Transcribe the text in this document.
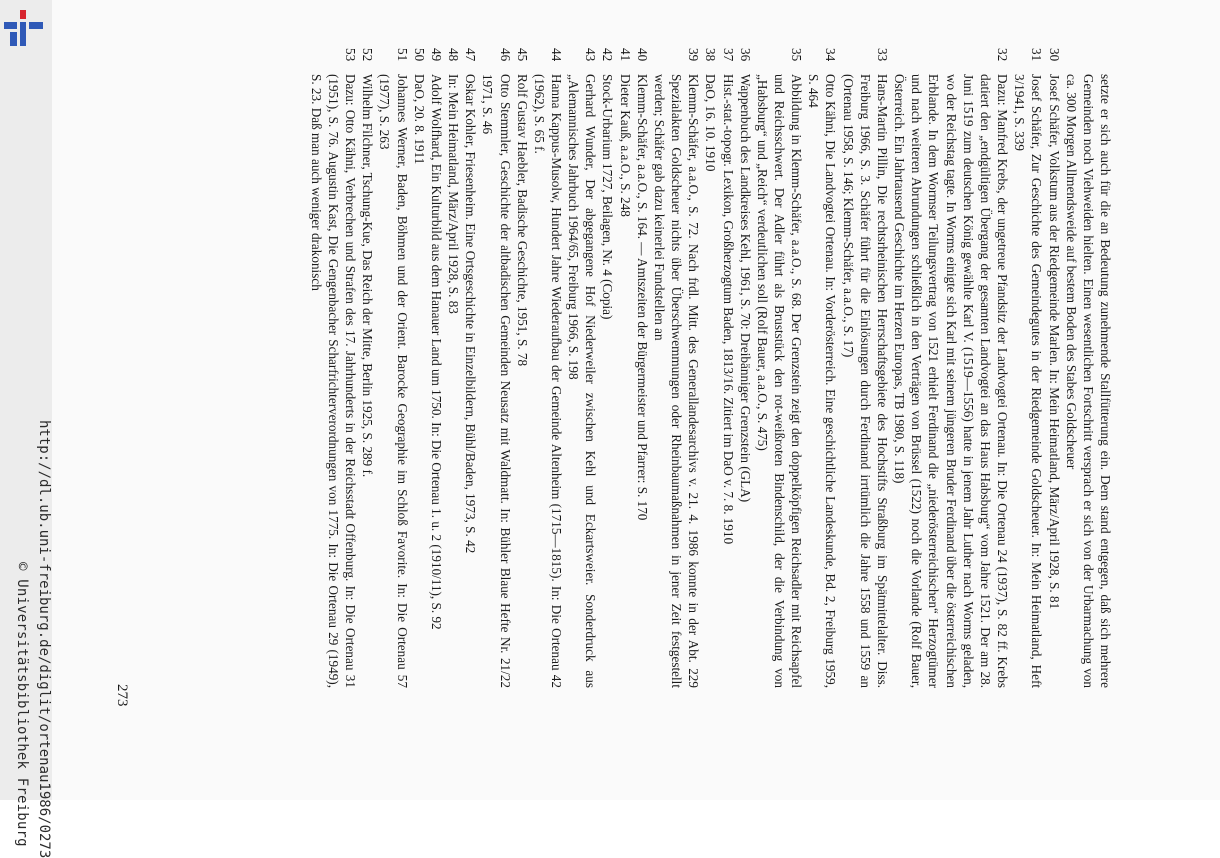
http://dl.ub.uni-freiburg.de/diglit/ortenau1986/0273
© Universitätsbibliothek Freiburg
setzte er sich auch für die an Bedeutung zunehmende Stallfütterung ein. Dem stand entgegen, daß sich mehrere Gemeinden noch Viehweiden hielten. Einen wesentlichen Fortschritt versprach er sich von der Urbarmachung von ca. 300 Morgen Allmendsweide auf bestem Boden des Stabes Goldscheuer
30
Josef Schäfer, Volkstum aus der Riedgemeinde Marlen. In: Mein Heimatland, März/April 1928, S. 81
31
Josef Schäfer, Zur Geschichte des Gemeindegutes in der Riedgemeinde Goldscheuer. In: Mein Heimatland, Heft 3/1941, S. 339
32
Dazu: Manfred Krebs, der ungetreue Pfandsitz der Landvogtei Ortenau. In: Die Ortenau 24 (1937), S. 82 ff. Krebs datiert den „endgültigen Übergang der gesamten Landvogtei an das Haus Habsburg“ vom Jahre 1521. Der am 28. Juni 1519 zum deutschen König gewählte Karl V. (1519—1556) hatte in jenem Jahr Luther nach Worms geladen, wo der Reichstag tagte. In Worms einigte sich Karl mit seinem jüngeren Bruder Ferdinand über die österreichischen Erblande. In dem Wormser Teilungsvertrag von 1521 erhielt Ferdinand die „niederösterreichischen“ Herzogtümer und nach weiteren Abrundungen schließlich in den Verträgen von Brüssel (1522) noch die Vorlande (Rolf Bauer, Österreich. Ein Jahrtausend Geschichte im Herzen Europas, TB 1980, S. 118)
33
Hans-Martin Pillin, Die rechtsrheinischen Herrschaftsgebiete des Hochstifts Straßburg im Spätmittelalter. Diss. Freiburg 1966, S. 3. Schäfer führt für die Einlösungen durch Ferdinand irrtümlich die Jahre 1558 und 1559 an (Ortenau 1958, S. 146; Klemm-Schäfer, a.a.O., S. 17)
34
Otto Kähni, Die Landvogtei Ortenau. In: Vorderösterreich. Eine geschichtliche Landeskunde, Bd. 2, Freiburg 1959, S. 464
35
Abbildung in Klemm-Schäfer, a.a.O., S. 68. Der Grenzstein zeigt den doppelköpfigen Reichsadler mit Reichsapfel und Reichsschwert. Der Adler führt als Bruststück den rot-weißroten Bindenschild, der die Verbindung von „Habsburg“ und „Reich“ verdeutlichen soll (Rolf Bauer, a.a.O., S. 475)
36
Wappenbuch des Landkreises Kehl, 1961, S. 70: Dreibänniger Grenzstein (GLA)
37
Hist.-stat.-topogr. Lexikon, Großherzogtum Baden, 1813/16. Zitiert im DaO v. 7. 8. 1910
38
DaO, 16. 10. 1910
39
Klemm-Schäfer, a.a.O., S. 72. Nach frdl. Mitt. des Generallandesarchivs v. 21. 4. 1986 konnte in der Abt. 229 Spezialakten Goldscheuer nichts über Überschwemmungen oder Rheinbaumaßnahmen in jener Zeit festgestellt werden; Schäfer gab dazu keinerlei Fundstellen an
40
Klemm-Schäfer, a.a.O., S. 164. — Amtszeiten der Bürgermeister und Pfarrer: S. 170
41
Dieter Kauß, a.a.O., S. 248
42
Stock-Urbarium 1727, Beilagen, Nr. 4 (Copia)
43
Gerhard Wunder, Der abgegangene Hof Niederweiler zwischen Kehl und Eckartsweier. Sonderdruck aus „Alemannisches Jahrbuch 1964/65, Freiburg 1966, S. 198
44
Hanna Kappus-Musolw, Hundert Jahre Wiederaufbau der Gemeinde Altenheim (1715—1815). In: Die Ortenau 42 (1962), S. 65 f.
45
Rolf Gustav Haebler, Badische Geschichte, 1951, S. 78
46
Otto Stemmler, Geschichte der altbadischen Gemeinden Neusatz mit Waldmatt. In: Bühler Blaue Hefte Nr. 21/22 1971, S. 46
47
Oskar Kohler, Friesenheim. Eine Ortsgeschichte in Einzelbildern, Bühl/Baden, 1973, S. 42
48
In: Mein Heimatland, März/April 1928, S. 83
49
Adolf Wolfhard, Ein Kulturbild aus dem Hanauer Land um 1750. In: Die Ortenau 1. u. 2 (1910/11), S. 92
50
DaO, 20. 8. 1911
51
Johannes Werner, Baden, Böhmen und der Orient. Barocke Geographie im Schloß Favorite. In: Die Ortenau 57 (1977), S. 263
52
Wilhelm Filchner, Tschung-Kue, Das Reich der Mitte, Berlin 1925, S. 289 f.
53
Dazu: Otto Kähni, Verbrechen und Strafen des 17. Jahrhunderts in der Reichsstadt Offenburg. In: Die Ortenau 31 (1951), S. 76. Augustin Kast, Die Gengenbacher Scharfrichterverordnungen von 1775. In: Die Ortenau 29 (1949), S. 23. Daß man auch weniger drakonisch
273
